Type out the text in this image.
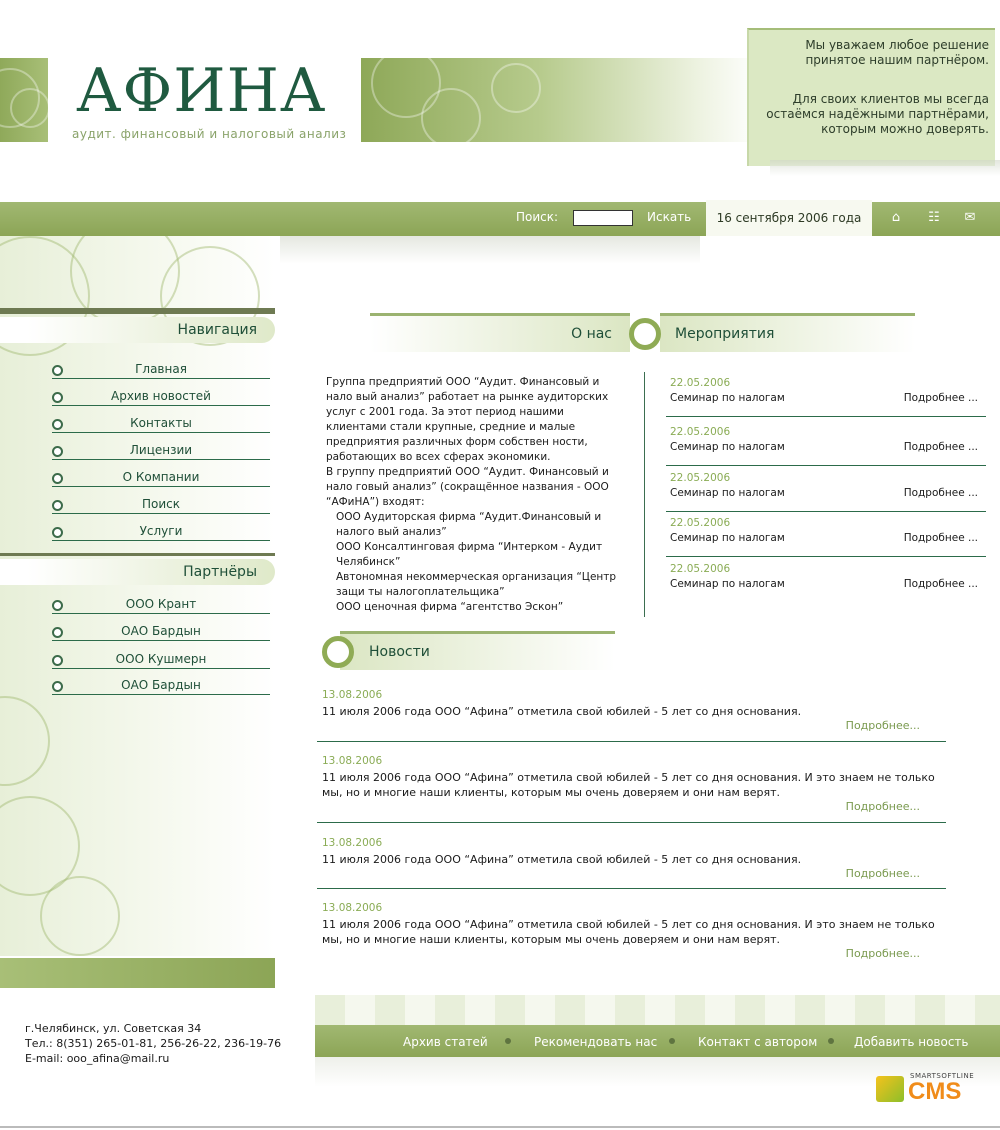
АФИНА
аудит. финансовый и налоговый анализ

Мы уважаем любое решение принятое нашим партнёром.

Для своих клиентов мы всегда остаёмся надёжными партнёрами, которым можно доверять.

Поиск:	Искать	16 сентября 2006 года	⌂	☷ ✉
Навигация
Главная
Архив новостей
Контакты
Лицензии
О Компании
Поиск
Услуги
Партнёры
ООО Крант
ОАО Бардын
ООО Кушмерн
ОАО Бардын
О нас	Мероприятия

Группа предприятий ООО “Аудит. Финансовый и нало вый анализ” работает на рынке аудиторских услуг с 2001 года. За этот период нашими клиентами стали крупные, средние и малые предприятия различных форм собствен ности, работающих во всех сферах экономики.

В группу предприятий ООО “Аудит. Финансовый и нало говый анализ” (сокращённое названия - ООО “АФиНА”) входят:

ООО Аудиторская фирма “Аудит.Финансовый и налого вый анализ”

ООО Консалтинговая фирма “Интерком - Аудит Челябинск”

Автономная некоммерческая организация “Центр защи ты налогоплательщика”

ООО ценочная фирма “агентство Эскон”

22.05.2006
Семинар по налогам	Подробнее ...
22.05.2006
Семинар по налогам	Подробнее ...
22.05.2006
Семинар по налогам	Подробнее ...
22.05.2006
Семинар по налогам	Подробнее ...
22.05.2006
Семинар по налогам	Подробнее ...
Новости
13.08.2006
11 июля 2006 года ООО “Афина” отметила свой юбилей - 5 лет со дня основания.
Подробнее...
13.08.2006
11 июля 2006 года ООО “Афина” отметила свой юбилей - 5 лет со дня основания. И это знаем не только мы, но и многие наши клиенты, которым мы очень доверяем и они нам верят.
Подробнее...
13.08.2006
11 июля 2006 года ООО “Афина” отметила свой юбилей - 5 лет со дня основания.
Подробнее...
13.08.2006
11 июля 2006 года ООО “Афина” отметила свой юбилей - 5 лет со дня основания. И это знаем не только мы, но и многие наши клиенты, которым мы очень доверяем и они нам верят.
Подробнее...
Архив статей	Рекомендовать нас	Контакт с автором	Добавить новость
г.Челябинск, ул. Советская 34
Тел.: 8(351) 265-01-81, 256-26-22, 236-19-76
E-mail: ooo_afina@mail.ru
SMARTSOFTLINE
CMS
